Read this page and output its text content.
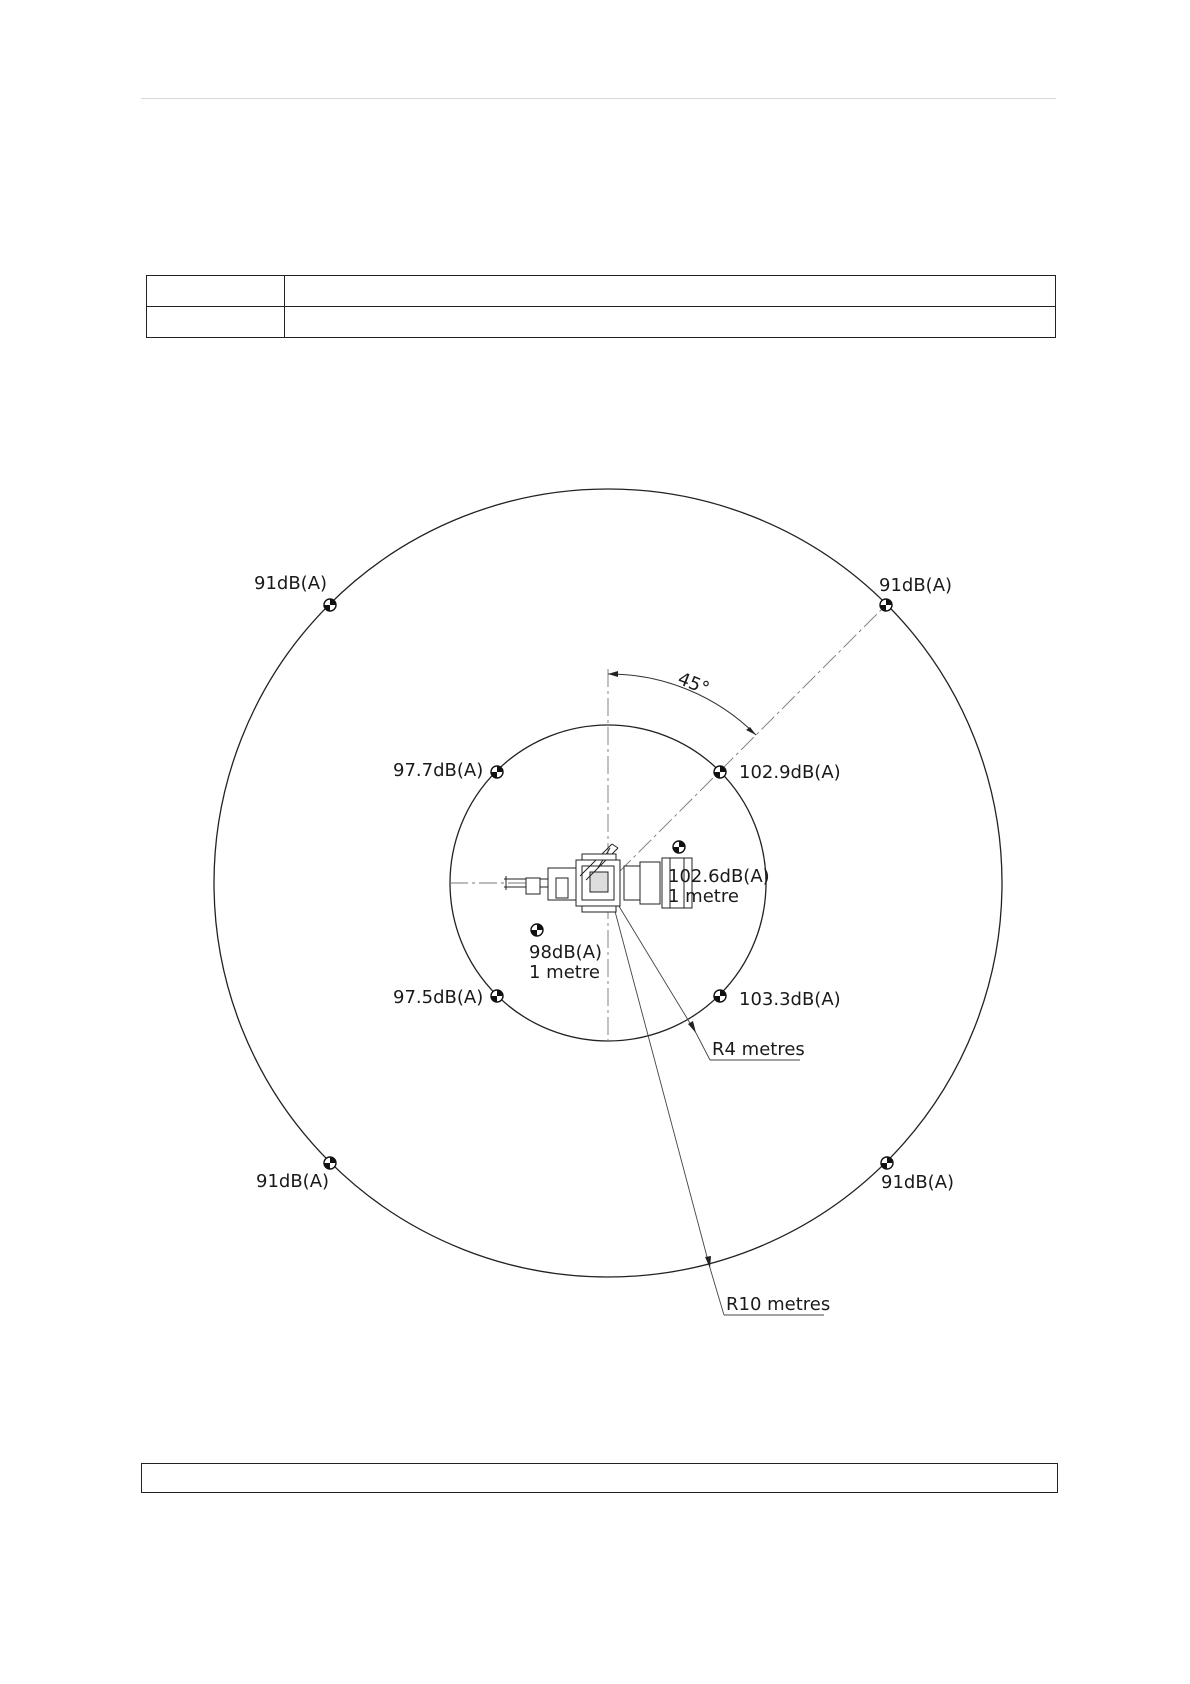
45°
R4 metres
R10 metres
91dB(A)	91dB(A)
91dB(A)	91dB(A)
97.7dB(A)	102.9dB(A)
97.5dB(A)	103.3dB(A)
102.6dB(A)
1 metre
98dB(A)
1 metre
